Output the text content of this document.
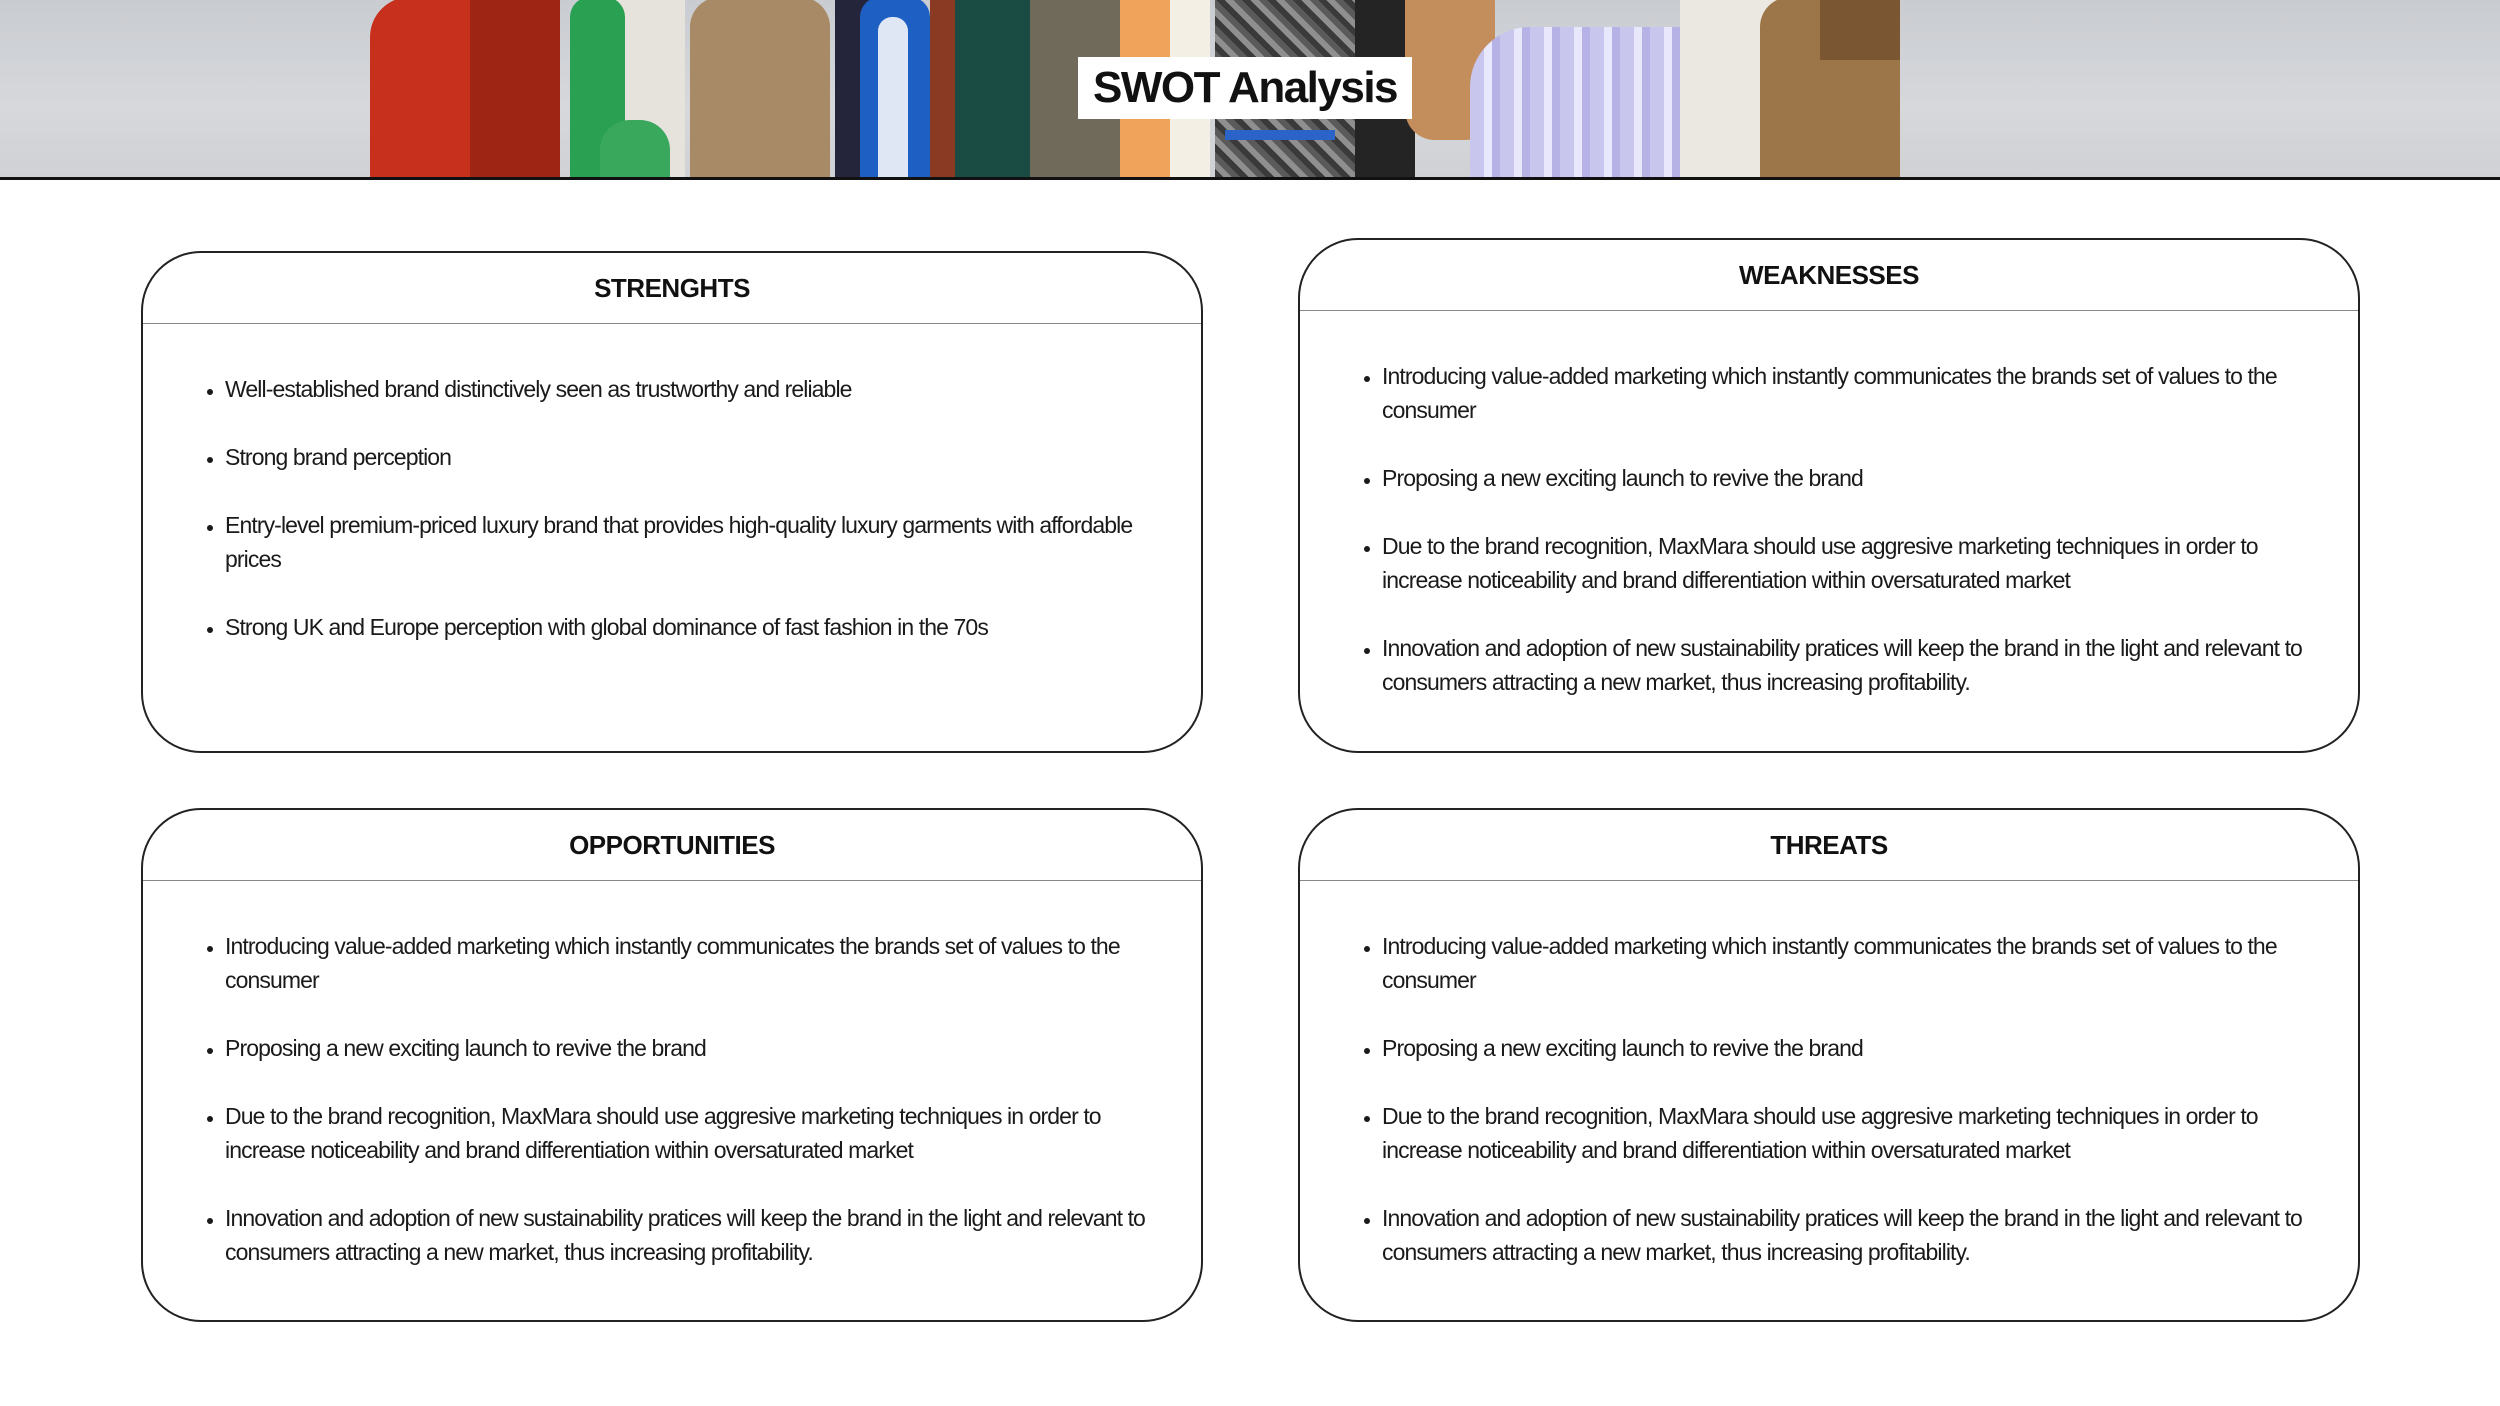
SWOT Analysis
STRENGHTS
• Well-established brand distinctively seen as trustworthy and reliable
• Strong brand perception
• Entry-level premium-priced luxury brand that provides high-quality luxury garments with affordable prices
• Strong UK and Europe perception with global dominance of fast fashion in the 70s
WEAKNESSES
• Introducing value-added marketing which instantly communicates the brands set of values to the consumer
• Proposing a new exciting launch to revive the brand
• Due to the brand recognition, MaxMara should use aggresive marketing techniques in order to increase noticeability and brand differentiation within oversaturated market
• Innovation and adoption of new sustainability pratices will keep the brand in the light and relevant to consumers attracting a new market, thus increasing profitability.
OPPORTUNITIES
• Introducing value-added marketing which instantly communicates the brands set of values to the consumer
• Proposing a new exciting launch to revive the brand
• Due to the brand recognition, MaxMara should use aggresive marketing techniques in order to increase noticeability and brand differentiation within oversaturated market
• Innovation and adoption of new sustainability pratices will keep the brand in the light and relevant to consumers attracting a new market, thus increasing profitability.
THREATS
• Introducing value-added marketing which instantly communicates the brands set of values to the consumer
• Proposing a new exciting launch to revive the brand
• Due to the brand recognition, MaxMara should use aggresive marketing techniques in order to increase noticeability and brand differentiation within oversaturated market
• Innovation and adoption of new sustainability pratices will keep the brand in the light and relevant to consumers attracting a new market, thus increasing profitability.
